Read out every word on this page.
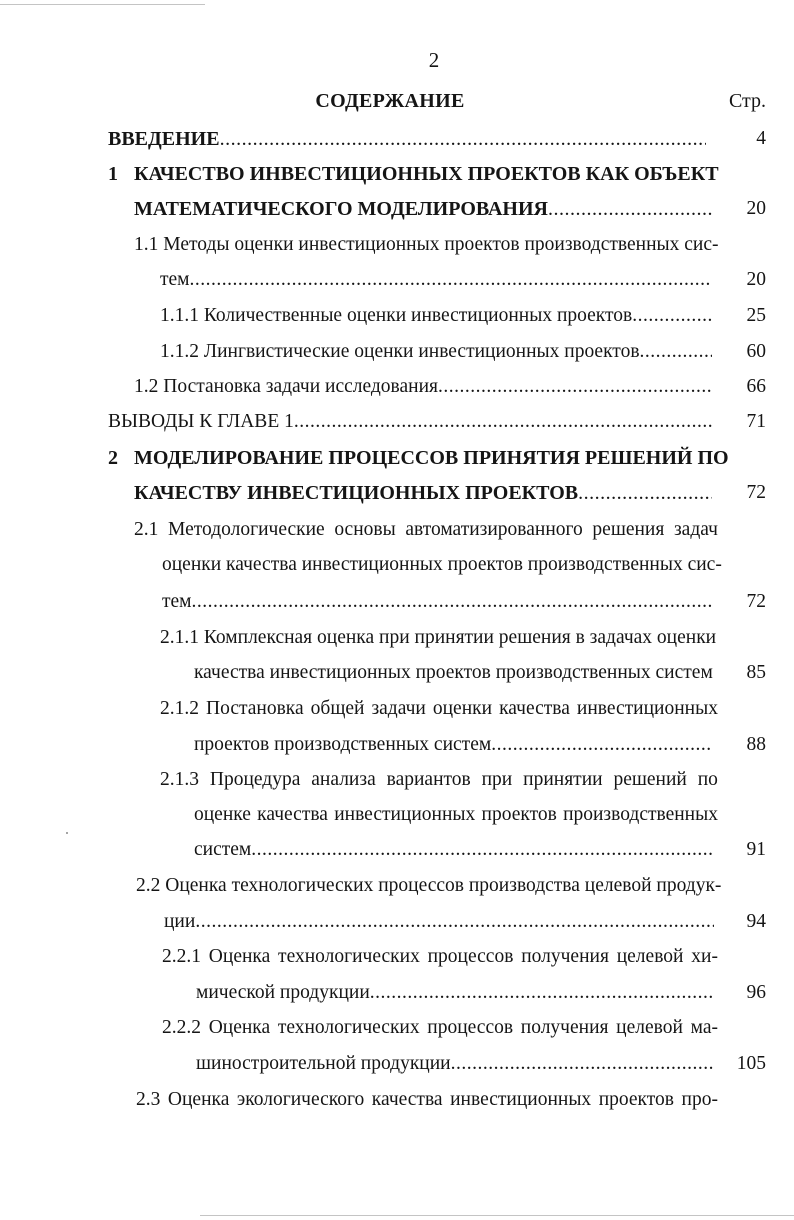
2
СОДЕРЖАНИЕ	Стр.
ВВЕДЕНИЕ .....	4
1 КАЧЕСТВО ИНВЕСТИЦИОННЫХ ПРОЕКТОВ КАК ОБЪЕКТ
МАТЕМАТИЧЕСКОГО МОДЕЛИРОВАНИЯ .....	20
1.1 Методы оценки инвестиционных проектов производственных сис-
тем .....	20
1.1.1 Количественные оценки инвестиционных проектов .....	25
1.1.2 Лингвистические оценки инвестиционных проектов .....	60
1.2 Постановка задачи исследования .....	66
ВЫВОДЫ К ГЛАВЕ 1 .....	71
2 МОДЕЛИРОВАНИЕ ПРОЦЕССОВ ПРИНЯТИЯ РЕШЕНИЙ ПО
КАЧЕСТВУ ИНВЕСТИЦИОННЫХ ПРОЕКТОВ .....	72
2.1 Методологические основы автоматизированного решения задач
оценки качества инвестиционных проектов производственных сис-
тем .....	72
2.1.1 Комплексная оценка при принятии решения в задачах оценки
качества инвестиционных проектов производственных систем	85
2.1.2 Постановка общей задачи оценки качества инвестиционных
проектов производственных систем .....	88
2.1.3 Процедура анализа вариантов при принятии решений по
оценке качества инвестиционных проектов производственных
систем .....	91
2.2 Оценка технологических процессов производства целевой продук-
ции .....	94
2.2.1 Оценка технологических процессов получения целевой хи-
мической продукции .....	96
2.2.2 Оценка технологических процессов получения целевой ма-
шиностроительной продукции .....	105
2.3 Оценка экологического качества инвестиционных проектов про-
